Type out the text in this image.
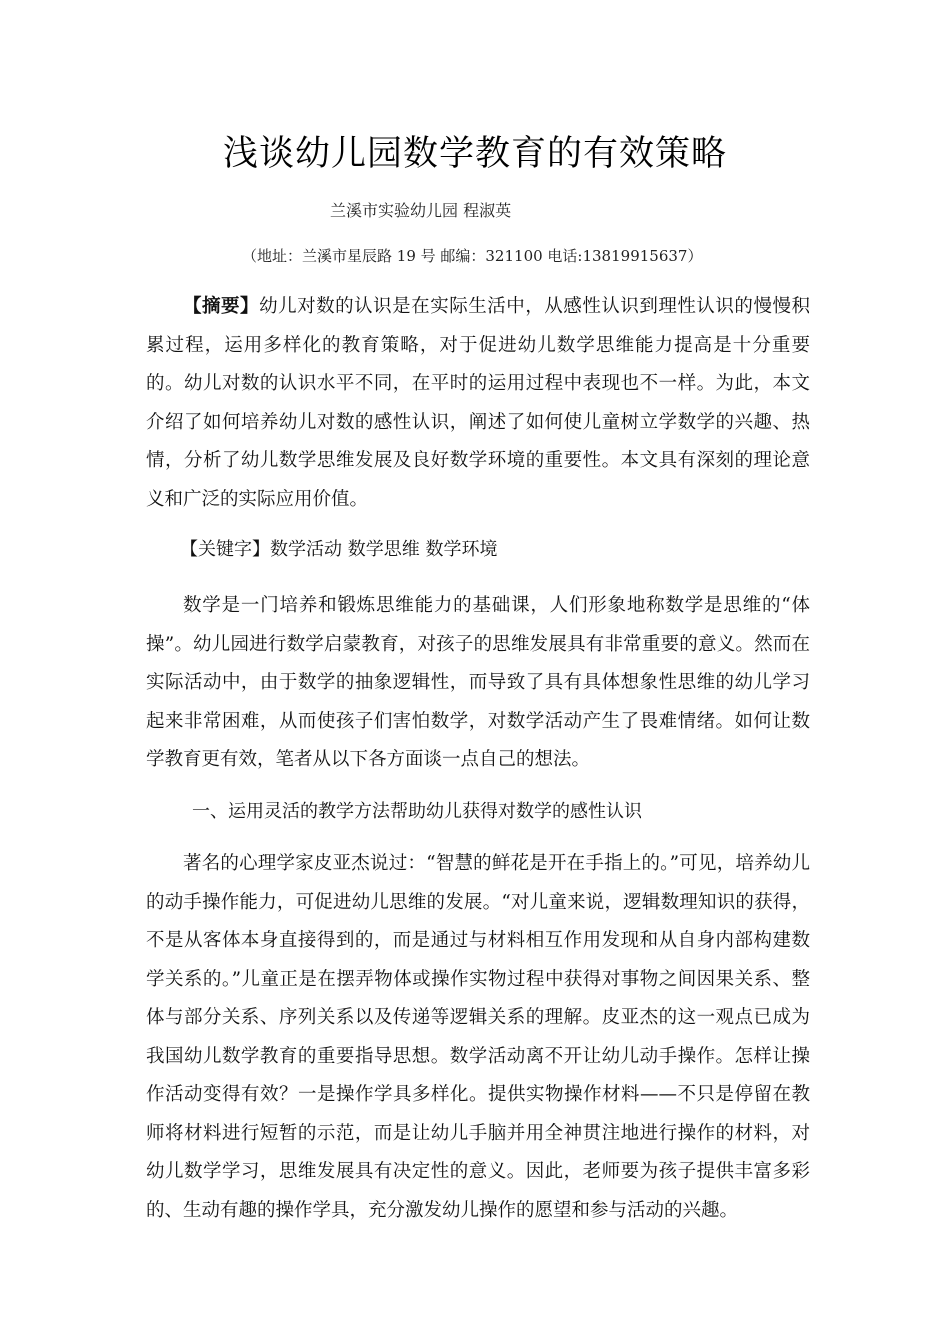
浅谈幼儿园数学教育的有效策略
兰溪市实验幼儿园 程淑英
（地址：兰溪市星辰路 19 号 邮编：321100 电话:13819915637）

【摘要】幼儿对数的认识是在实际生活中，从感性认识到理性认识的慢慢积累过程，运用多样化的教育策略，对于促进幼儿数学思维能力提高是十分重要的。幼儿对数的认识水平不同，在平时的运用过程中表现也不一样。为此，本文介绍了如何培养幼儿对数的感性认识，阐述了如何使儿童树立学数学的兴趣、热情，分析了幼儿数学思维发展及良好数学环境的重要性。本文具有深刻的理论意义和广泛的实际应用价值。

【关键字】数学活动 数学思维 数学环境

数学是一门培养和锻炼思维能力的基础课，人们形象地称数学是思维的“体操”。幼儿园进行数学启蒙教育，对孩子的思维发展具有非常重要的意义。然而在实际活动中，由于数学的抽象逻辑性，而导致了具有具体想象性思维的幼儿学习起来非常困难，从而使孩子们害怕数学，对数学活动产生了畏难情绪。如何让数学教育更有效，笔者从以下各方面谈一点自己的想法。

一、运用灵活的教学方法帮助幼儿获得对数学的感性认识

著名的心理学家皮亚杰说过：“智慧的鲜花是开在手指上的。”可见，培养幼儿的动手操作能力，可促进幼儿思维的发展。“对儿童来说，逻辑数理知识的获得，不是从客体本身直接得到的，而是通过与材料相互作用发现和从自身内部构建数学关系的。”儿童正是在摆弄物体或操作实物过程中获得对事物之间因果关系、整体与部分关系、序列关系以及传递等逻辑关系的理解。皮亚杰的这一观点已成为我国幼儿数学教育的重要指导思想。数学活动离不开让幼儿动手操作。怎样让操作活动变得有效？一是操作学具多样化。提供实物操作材料——不只是停留在教师将材料进行短暂的示范，而是让幼儿手脑并用全神贯注地进行操作的材料，对幼儿数学学习，思维发展具有决定性的意义。因此，老师要为孩子提供丰富多彩的、生动有趣的操作学具，充分激发幼儿操作的愿望和参与活动的兴趣。
